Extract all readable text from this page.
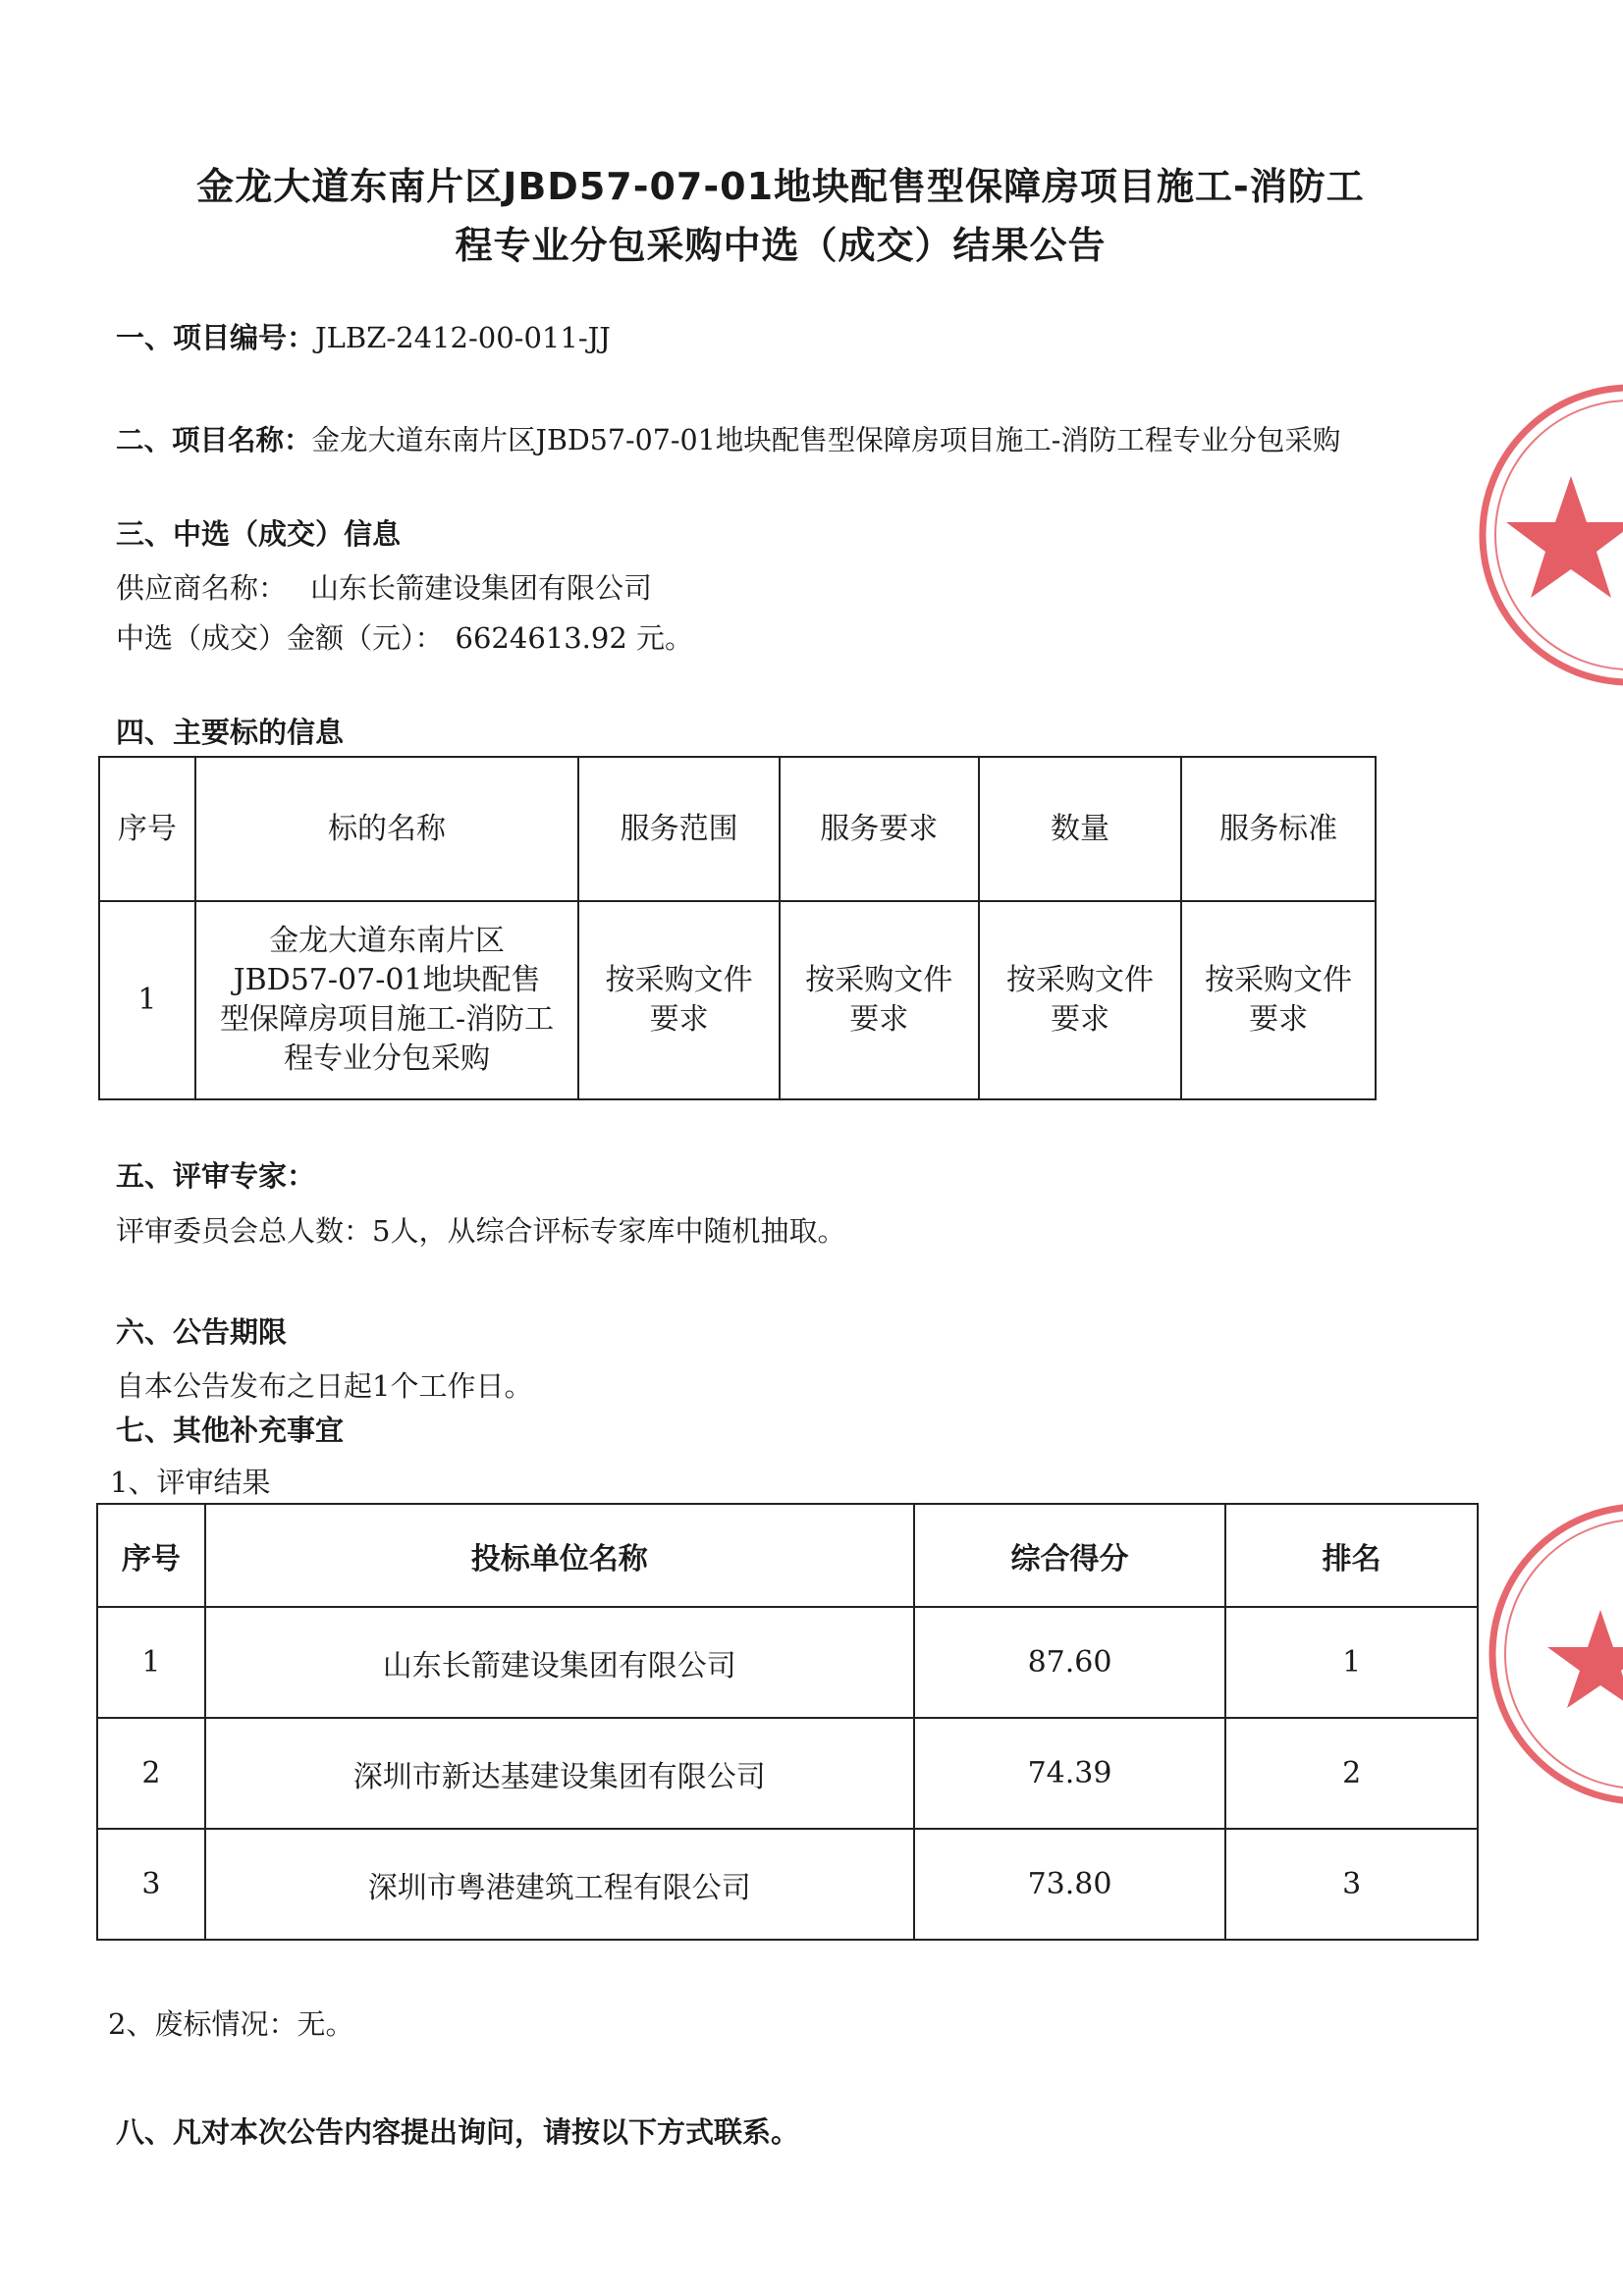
金龙大道东南片区JBD57-07-01地块配售型保障房项目施工-消防工
程专业分包采购中选（成交）结果公告
一、项目编号：JLBZ-2412-00-011-JJ
二、项目名称：金龙大道东南片区JBD57-07-01地块配售型保障房项目施工-消防工程专业分包采购
三、中选（成交）信息
供应商名称： 山东长箭建设集团有限公司
中选（成交）金额（元）： 6624613.92 元。
四、主要标的信息
序号	标的名称	服务范围	服务要求	数量	服务标准
1	金龙大道东南片区JBD57-07-01地块配售型保障房项目施工-消防工程专业分包采购	按采购文件要求	按采购文件要求	按采购文件要求	按采购文件要求
五、评审专家：
评审委员会总人数：5人，从综合评标专家库中随机抽取。
六、公告期限
自本公告发布之日起1个工作日。
七、其他补充事宜
1、评审结果
序号	投标单位名称	综合得分	排名
1	山东长箭建设集团有限公司	87.60	1
2	深圳市新达基建设集团有限公司	74.39	2
3	深圳市粤港建筑工程有限公司	73.80	3
2、废标情况：无。
八、凡对本次公告内容提出询问，请按以下方式联系。
